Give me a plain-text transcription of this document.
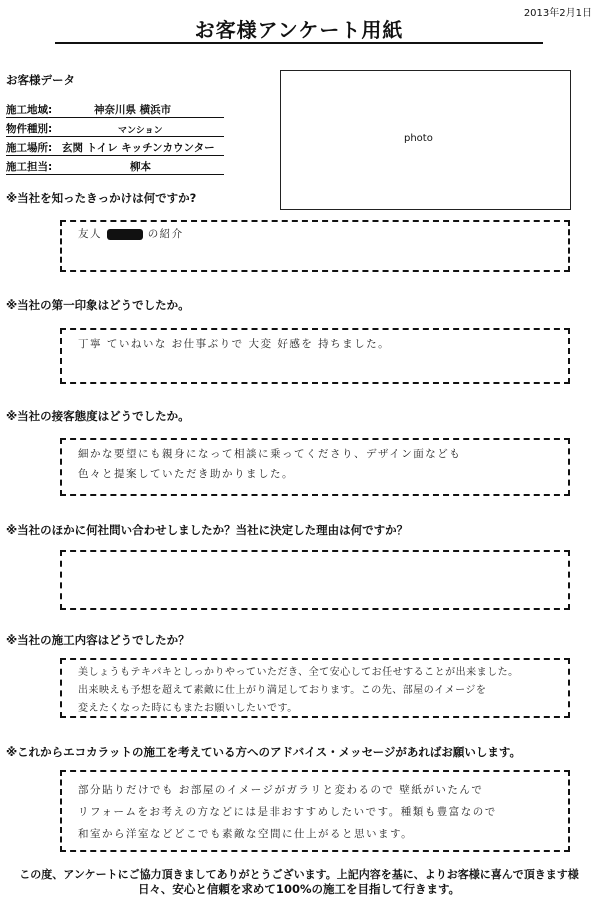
2013年2月1日
お客様アンケート用紙
お客様データ
施工地域:	神奈川県 横浜市
物件種別:	マンション
施工場所: 玄関 トイレ キッチンカウンター
施工担当:	柳本
photo
※当社を知ったきっかけは何ですか?
友人	の紹介
※当社の第一印象はどうでしたか。
丁寧 ていねいな お仕事ぶりで 大変 好感を 持ちました。
※当社の接客態度はどうでしたか。
細かな要望にも親身になって相談に乗ってくださり、デザイン面なども
色々と提案していただき助かりました。
※当社のほかに何社問い合わせしましたか？当社に決定した理由は何ですか？
※当社の施工内容はどうでしたか？
美しょうもテキパキとしっかりやっていただき、全て安心してお任せすることが出来ました。
出来映えも予想を超えて素敵に仕上がり満足しております。この先、部屋のイメージを
変えたくなった時にもまたお願いしたいです。
※これからエコカラットの施工を考えている方へのアドバイス・メッセージがあればお願いします。
部分貼りだけでも お部屋のイメージがガラリと変わるので 壁紙がいたんで
リフォームをお考えの方などには是非おすすめしたいです。種類も豊富なので
和室から洋室などどこでも素敵な空間に仕上がると思います。
この度、アンケートにご協力頂きましてありがとうございます。上記内容を基に、よりお客様に喜んで頂きます様
日々、安心と信頼を求めて100%の施工を目指して行きます。
